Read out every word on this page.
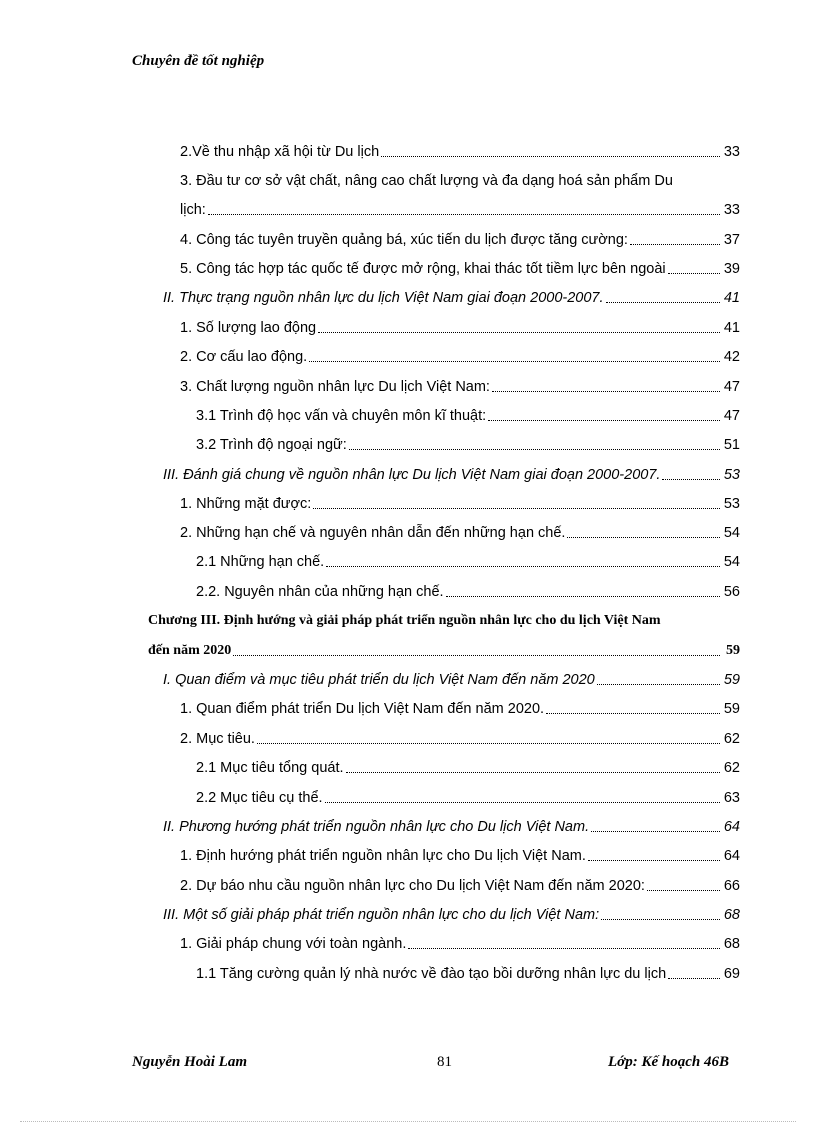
Chuyên đề tốt nghiệp
2.Về thu nhập xã hội từ Du lịch	33
3. Đầu tư cơ sở vật chất, nâng cao chất lượng và đa dạng hoá sản phẩm Du
lịch:	33
4. Công tác tuyên truyền quảng bá, xúc tiến du lịch được tăng cường:	37
5. Công tác hợp tác quốc tế được mở rộng, khai thác tốt tiềm lực bên ngoài	39
II. Thực trạng nguồn nhân lực du lịch Việt Nam giai đoạn 2000-2007.	41
1. Số lượng lao động	41
2. Cơ cấu lao động.	42
3. Chất lượng nguồn nhân lực Du lịch Việt Nam:	47
3.1 Trình độ học vấn và chuyên môn kĩ thuật:	47
3.2 Trình độ ngoại ngữ:	51
III. Đánh giá chung về nguồn nhân lực Du lịch Việt Nam giai đoạn 2000-2007.	53
1. Những mặt được:	53
2. Những hạn chế và nguyên nhân dẫn đến những hạn chế.	54
2.1 Những hạn chế.	54
2.2. Nguyên nhân của những hạn chế.	56
Chương III. Định hướng và giải pháp phát triển nguồn nhân lực cho du lịch Việt Nam
đến năm 2020	59
I. Quan điểm và mục tiêu phát triển du lịch Việt Nam đến năm 2020	59
1. Quan điểm phát triển Du lịch Việt Nam đến năm 2020.	59
2. Mục tiêu.	62
2.1 Mục tiêu tổng quát.	62
2.2 Mục tiêu cụ thể.	63
II. Phương hướng phát triển nguồn nhân lực cho Du lịch Việt Nam.	64
1. Định hướng phát triển nguồn nhân lực cho Du lịch Việt Nam.	64
2. Dự báo nhu cầu nguồn nhân lực cho Du lịch Việt Nam đến năm 2020:	66
III. Một số giải pháp phát triển nguồn nhân lực cho du lịch Việt Nam:	68
1. Giải pháp chung với toàn ngành.	68
1.1 Tăng cường quản lý nhà nước về đào tạo bồi dưỡng nhân lực du lịch	69
Nguyễn Hoài Lam	81	Lớp: Kế hoạch 46B
